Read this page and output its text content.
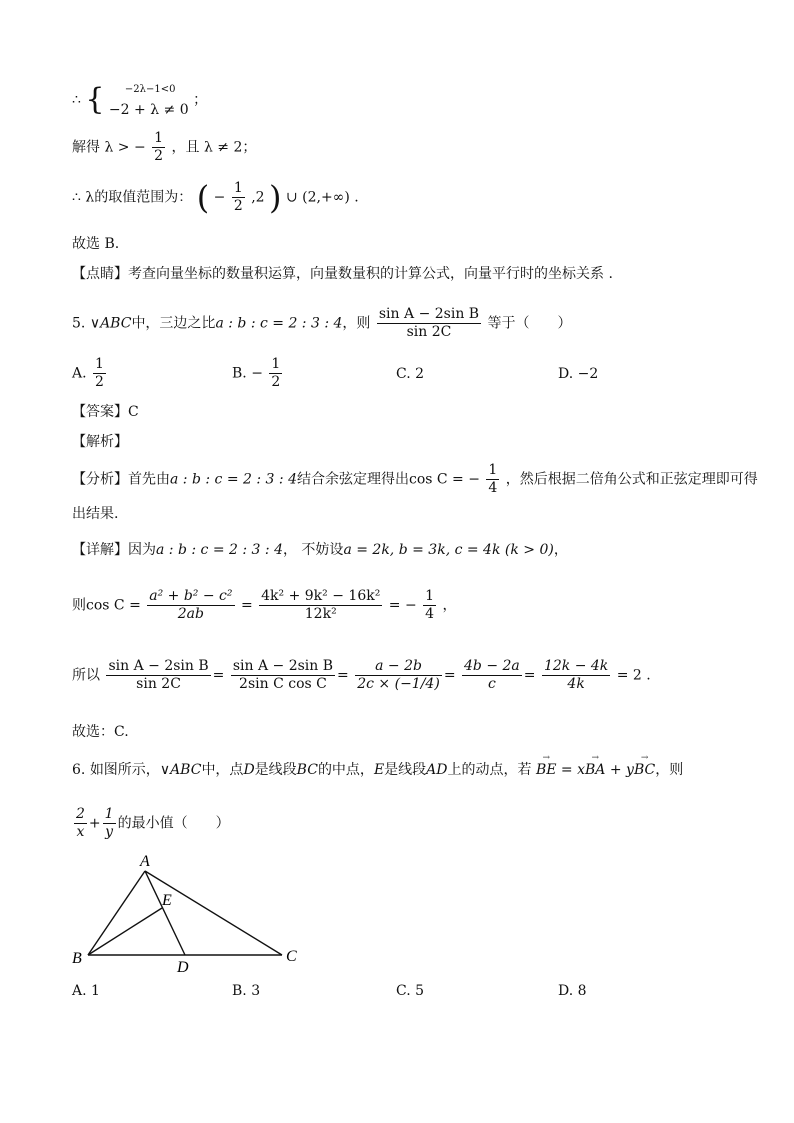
∴ { −2λ−1<0
−2 + λ ≠ 0
；
解得 λ > − $\frac{1}{2}$ ，且 λ ≠ 2；
∴ λ的取值范围为： ( − $\frac{1}{2} ,2$ ) ∪ (2,+∞) .
故选 B.
【点睛】考查向量坐标的数量积运算，向量数量积的计算公式，向量平行时的坐标关系 .
5. ∨ABC中，三边之比a : b : c = 2 : 3 : 4，则 $\frac{\text{sin A − 2sin B}}{\sin 2C}$ 等于（　　）
A. $\frac{1}{2}$	B. − $\frac{1}{2}$	C. 2	D. −2
【答案】C
【解析】
【分析】首先由a : b : c = 2 : 3 : 4结合余弦定理得出cos C = − $\frac{1}{4}$ ，然后根据二倍角公式和正弦定理即可得
出结果.
【详解】因为a : b : c = 2 : 3 : 4， 不妨设a = 2k, b = 3k, c = 4k (k > 0)，
则$\cos C = \frac{\text{a² + b² − c²}}{2ab} = \frac{\text{4k² + 9k² − 16k²}}{\text{12k²}}$ = − $\frac{1}{4}$ ，
所以 $\frac{\text{sin A − 2sin B}}{\sin 2C} = \frac{\text{sin A − 2sin B}}{\text{2sin C cos C}} = \frac{a - 2b}{2c \times (-1/4)} = \frac{4b - 2a}{c} = \frac{12k - 4k}{4k} = 2$ .
故选：C.
6. 如图所示，∨ABC中，点D是线段BC的中点，E是线段AD上的动点，若 → BE = x→ BA + y→ BC，则
$\frac{2}{x} + \frac{1}{y}$ 的最小值（　　）
A
B	C
D
E
A. 1	B. 3	C. 5	D. 8
